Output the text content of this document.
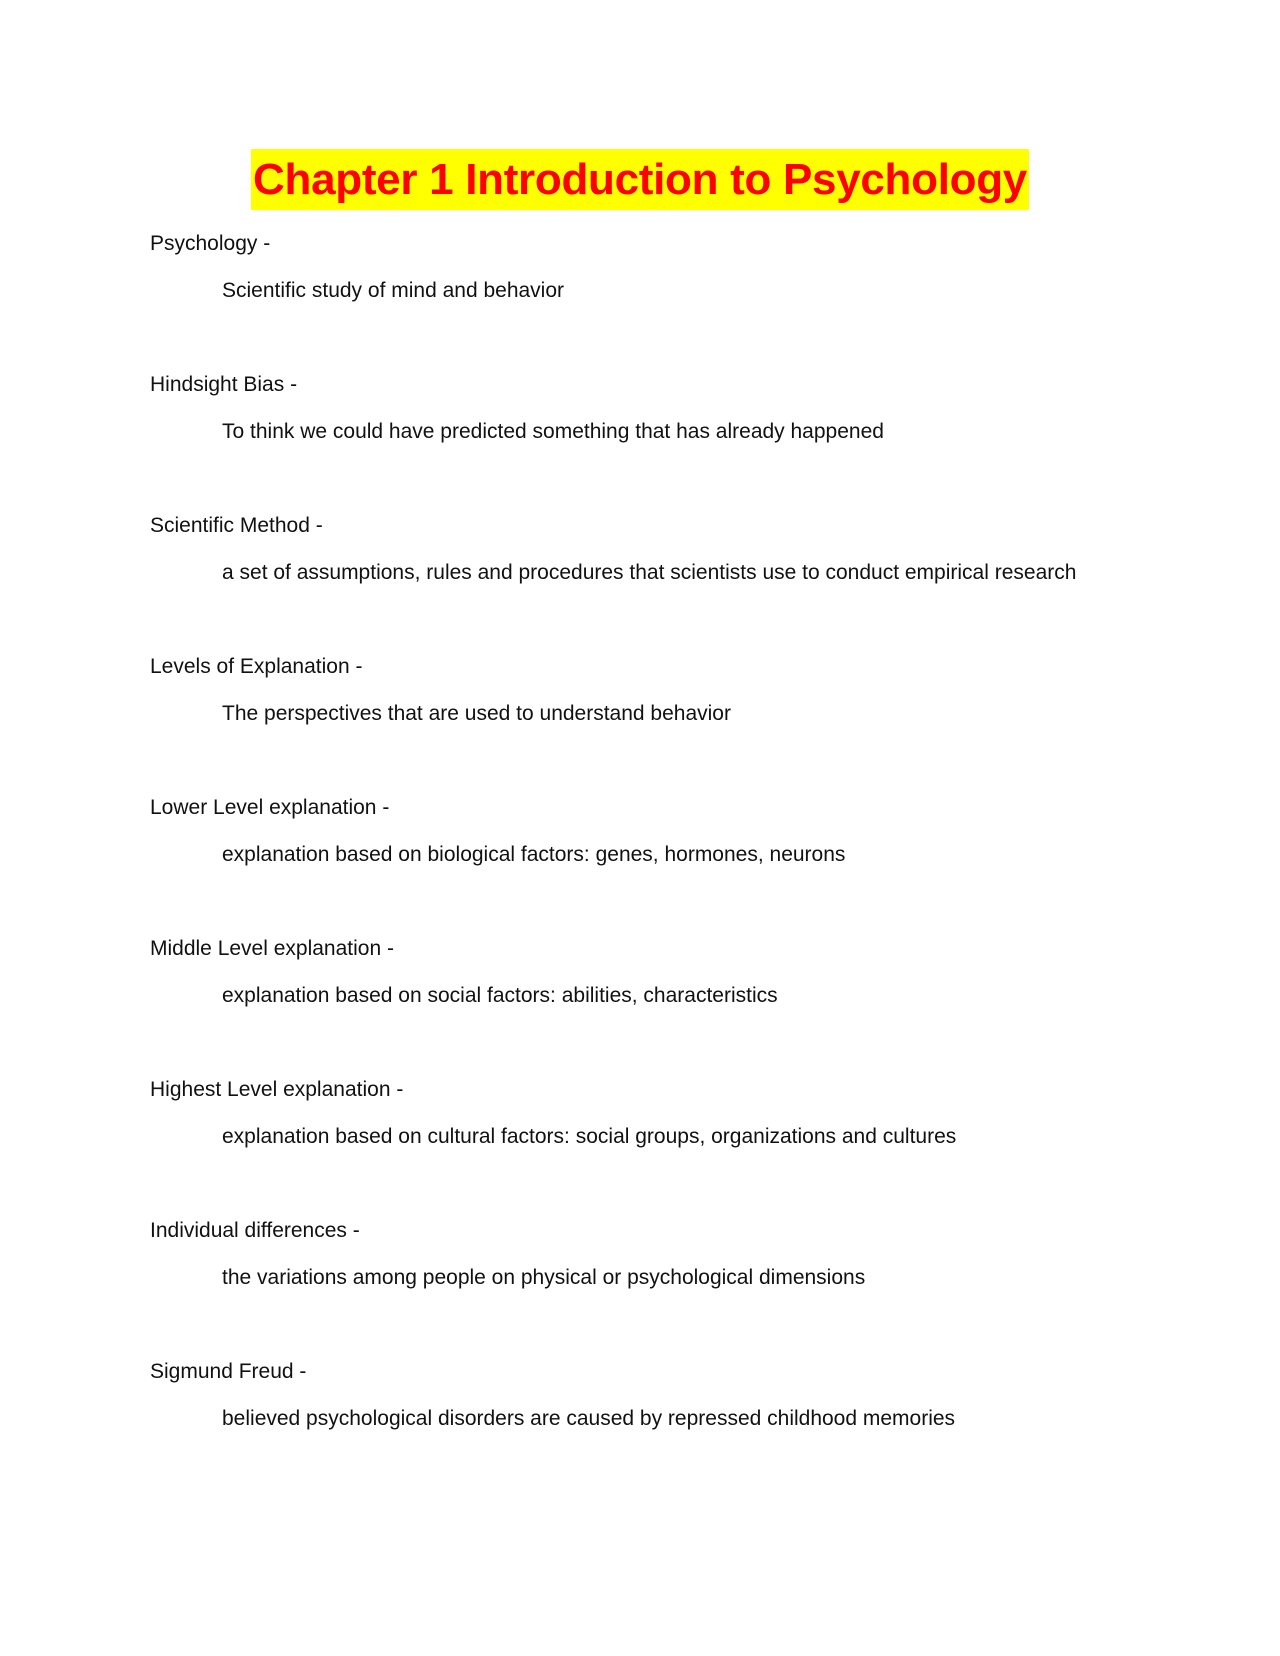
Chapter 1 Introduction to Psychology
Psychology -
Scientific study of mind and behavior
Hindsight Bias -
To think we could have predicted something that has already happened
Scientific Method -
a set of assumptions, rules and procedures that scientists use to conduct empirical research
Levels of Explanation -
The perspectives that are used to understand behavior
Lower Level explanation -
explanation based on biological factors: genes, hormones, neurons
Middle Level explanation -
explanation based on social factors: abilities, characteristics
Highest Level explanation -
explanation based on cultural factors: social groups, organizations and cultures
Individual differences -
the variations among people on physical or psychological dimensions
Sigmund Freud -
believed psychological disorders are caused by repressed childhood memories
